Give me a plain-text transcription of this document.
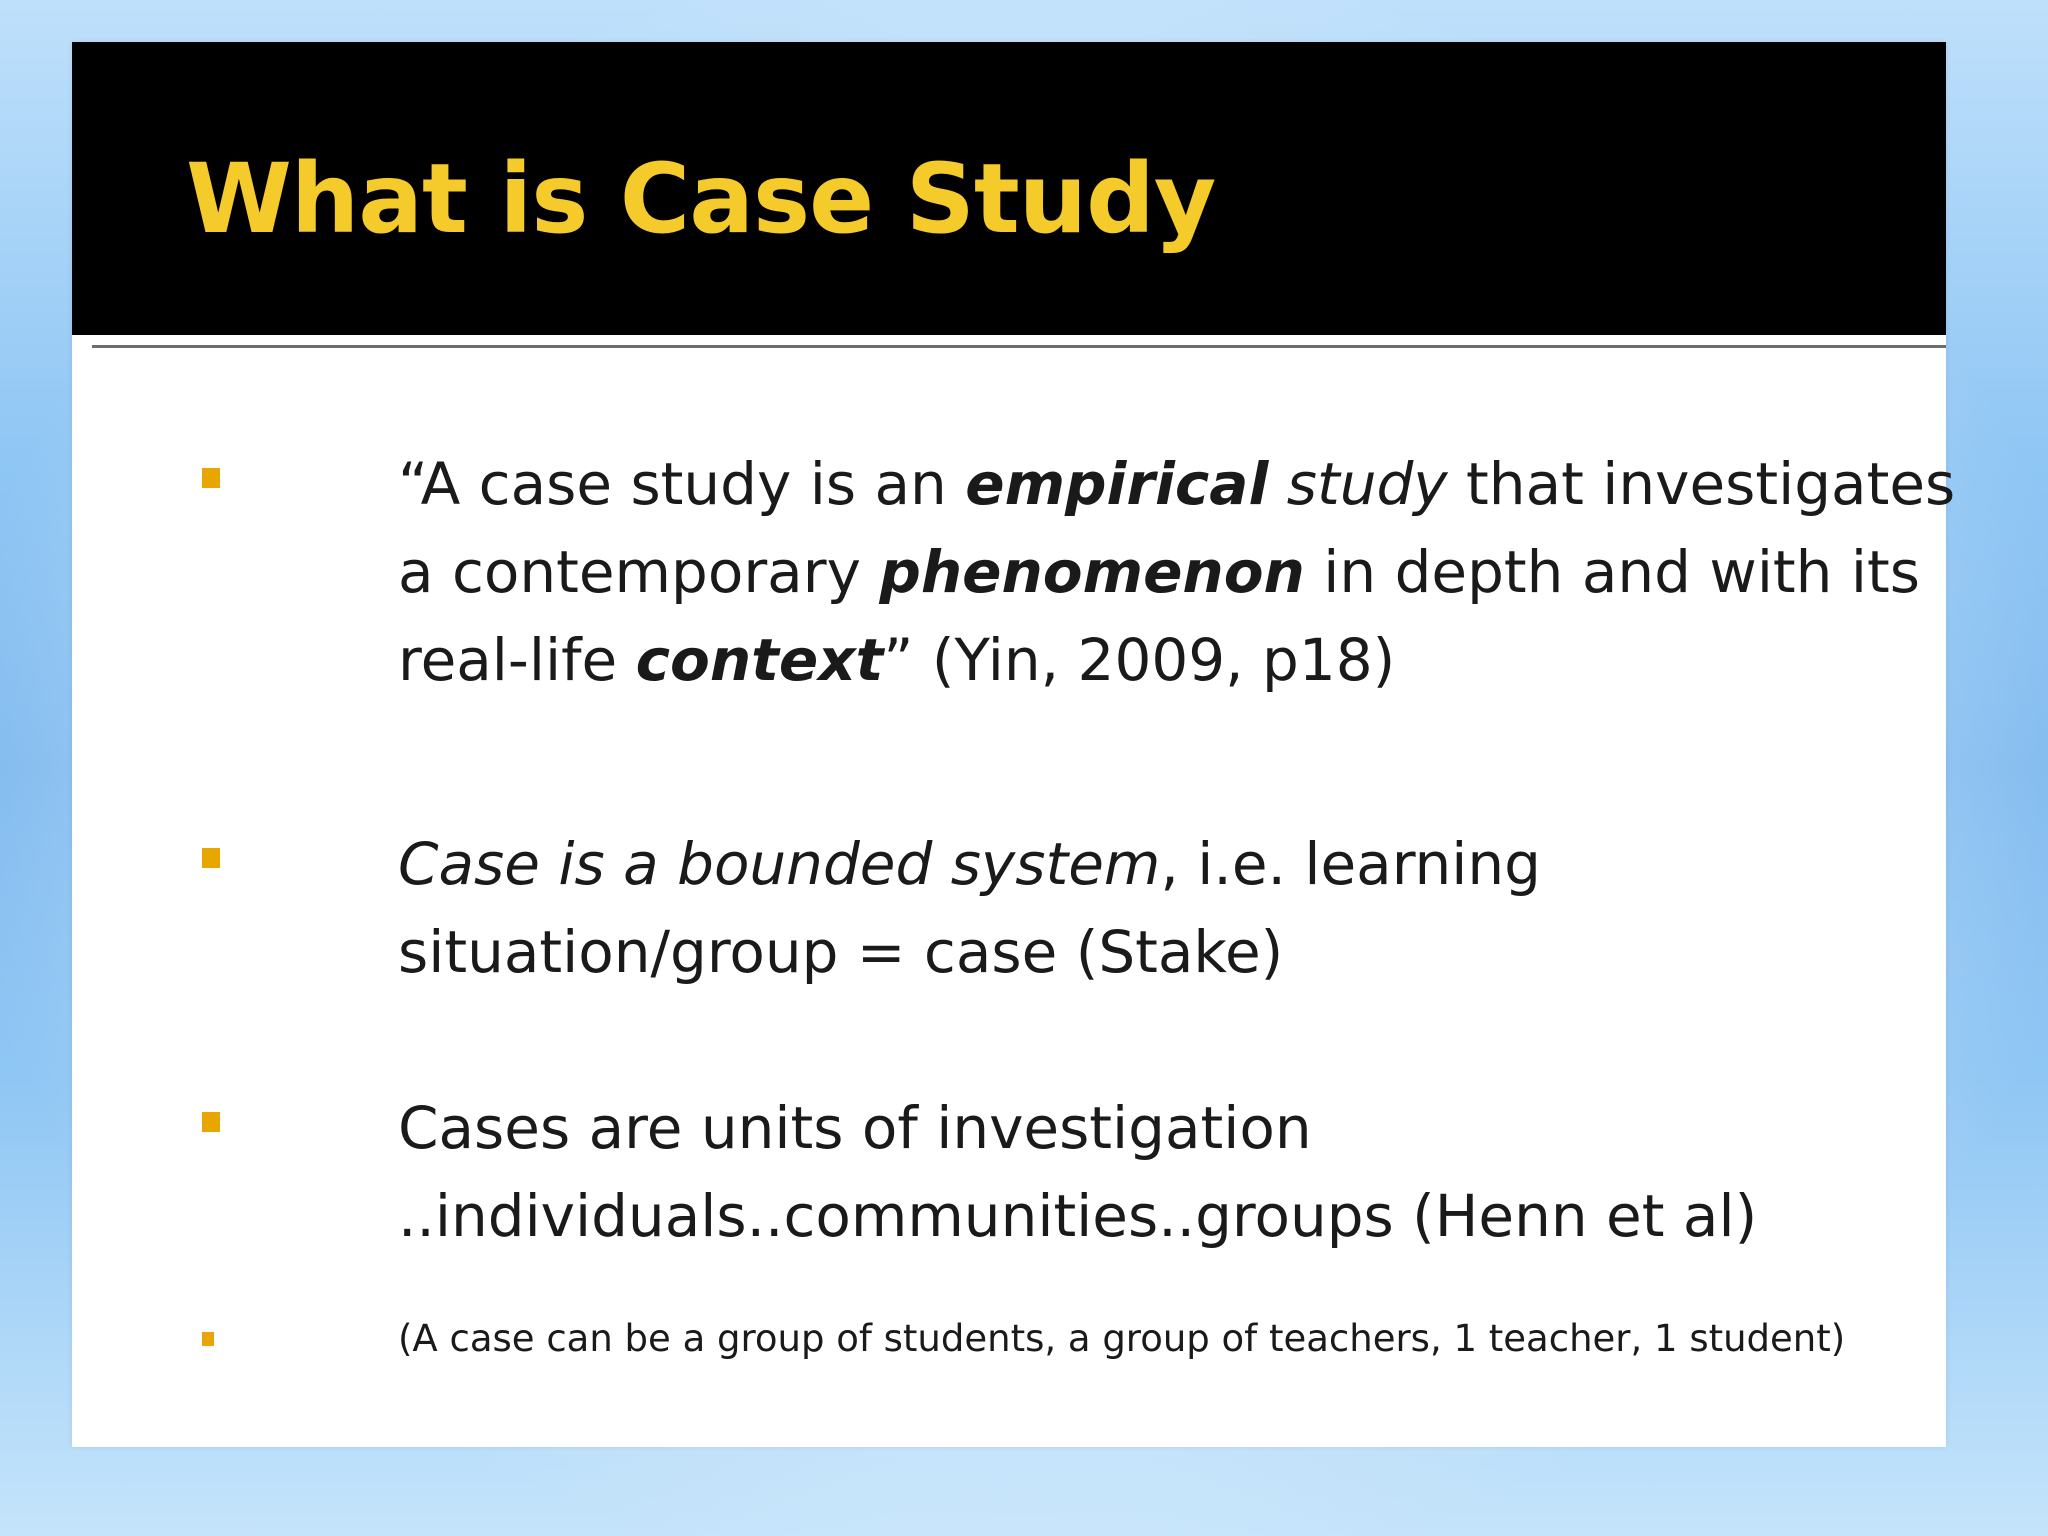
What is Case Study

“A case study is an empirical study that investigates
a contemporary phenomenon in depth and with its
real-life context” (Yin, 2009, p18)

Case is a bounded system, i.e. learning
situation/group = case (Stake)

Cases are units of investigation
..individuals..communities..groups (Henn et al)

(A case can be a group of students, a group of teachers, 1 teacher, 1 student)
